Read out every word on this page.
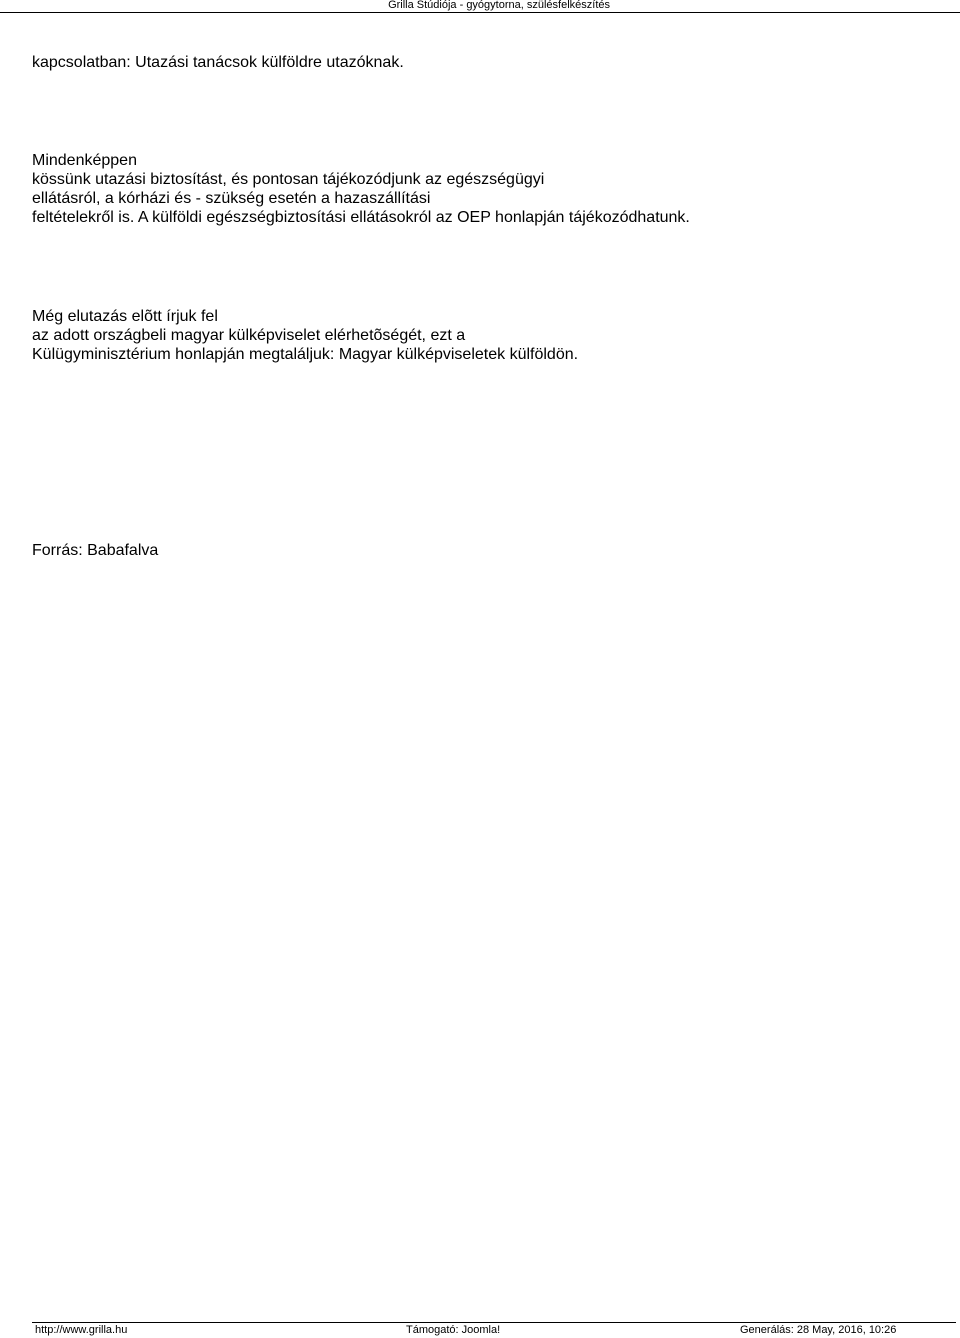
Grilla Stúdiója - gyógytorna, szülésfelkészítés

kapcsolatban: Utazási tanácsok külföldre utazóknak.

Mindenképpen
kössünk utazási biztosítást, és pontosan tájékozódjunk az egészségügyi
ellátásról, a kórházi és - szükség esetén a hazaszállítási
feltételekről is. A külföldi egészségbiztosítási ellátásokról az OEP honlapján tájékozódhatunk.

Még elutazás elõtt írjuk fel
az adott országbeli magyar külképviselet elérhetõségét, ezt a
Külügyminisztérium honlapján megtaláljuk: Magyar külképviseletek külföldön.

Forrás: Babafalva

http://www.grilla.hu	Támogató: Joomla!	Generálás: 28 May, 2016, 10:26
